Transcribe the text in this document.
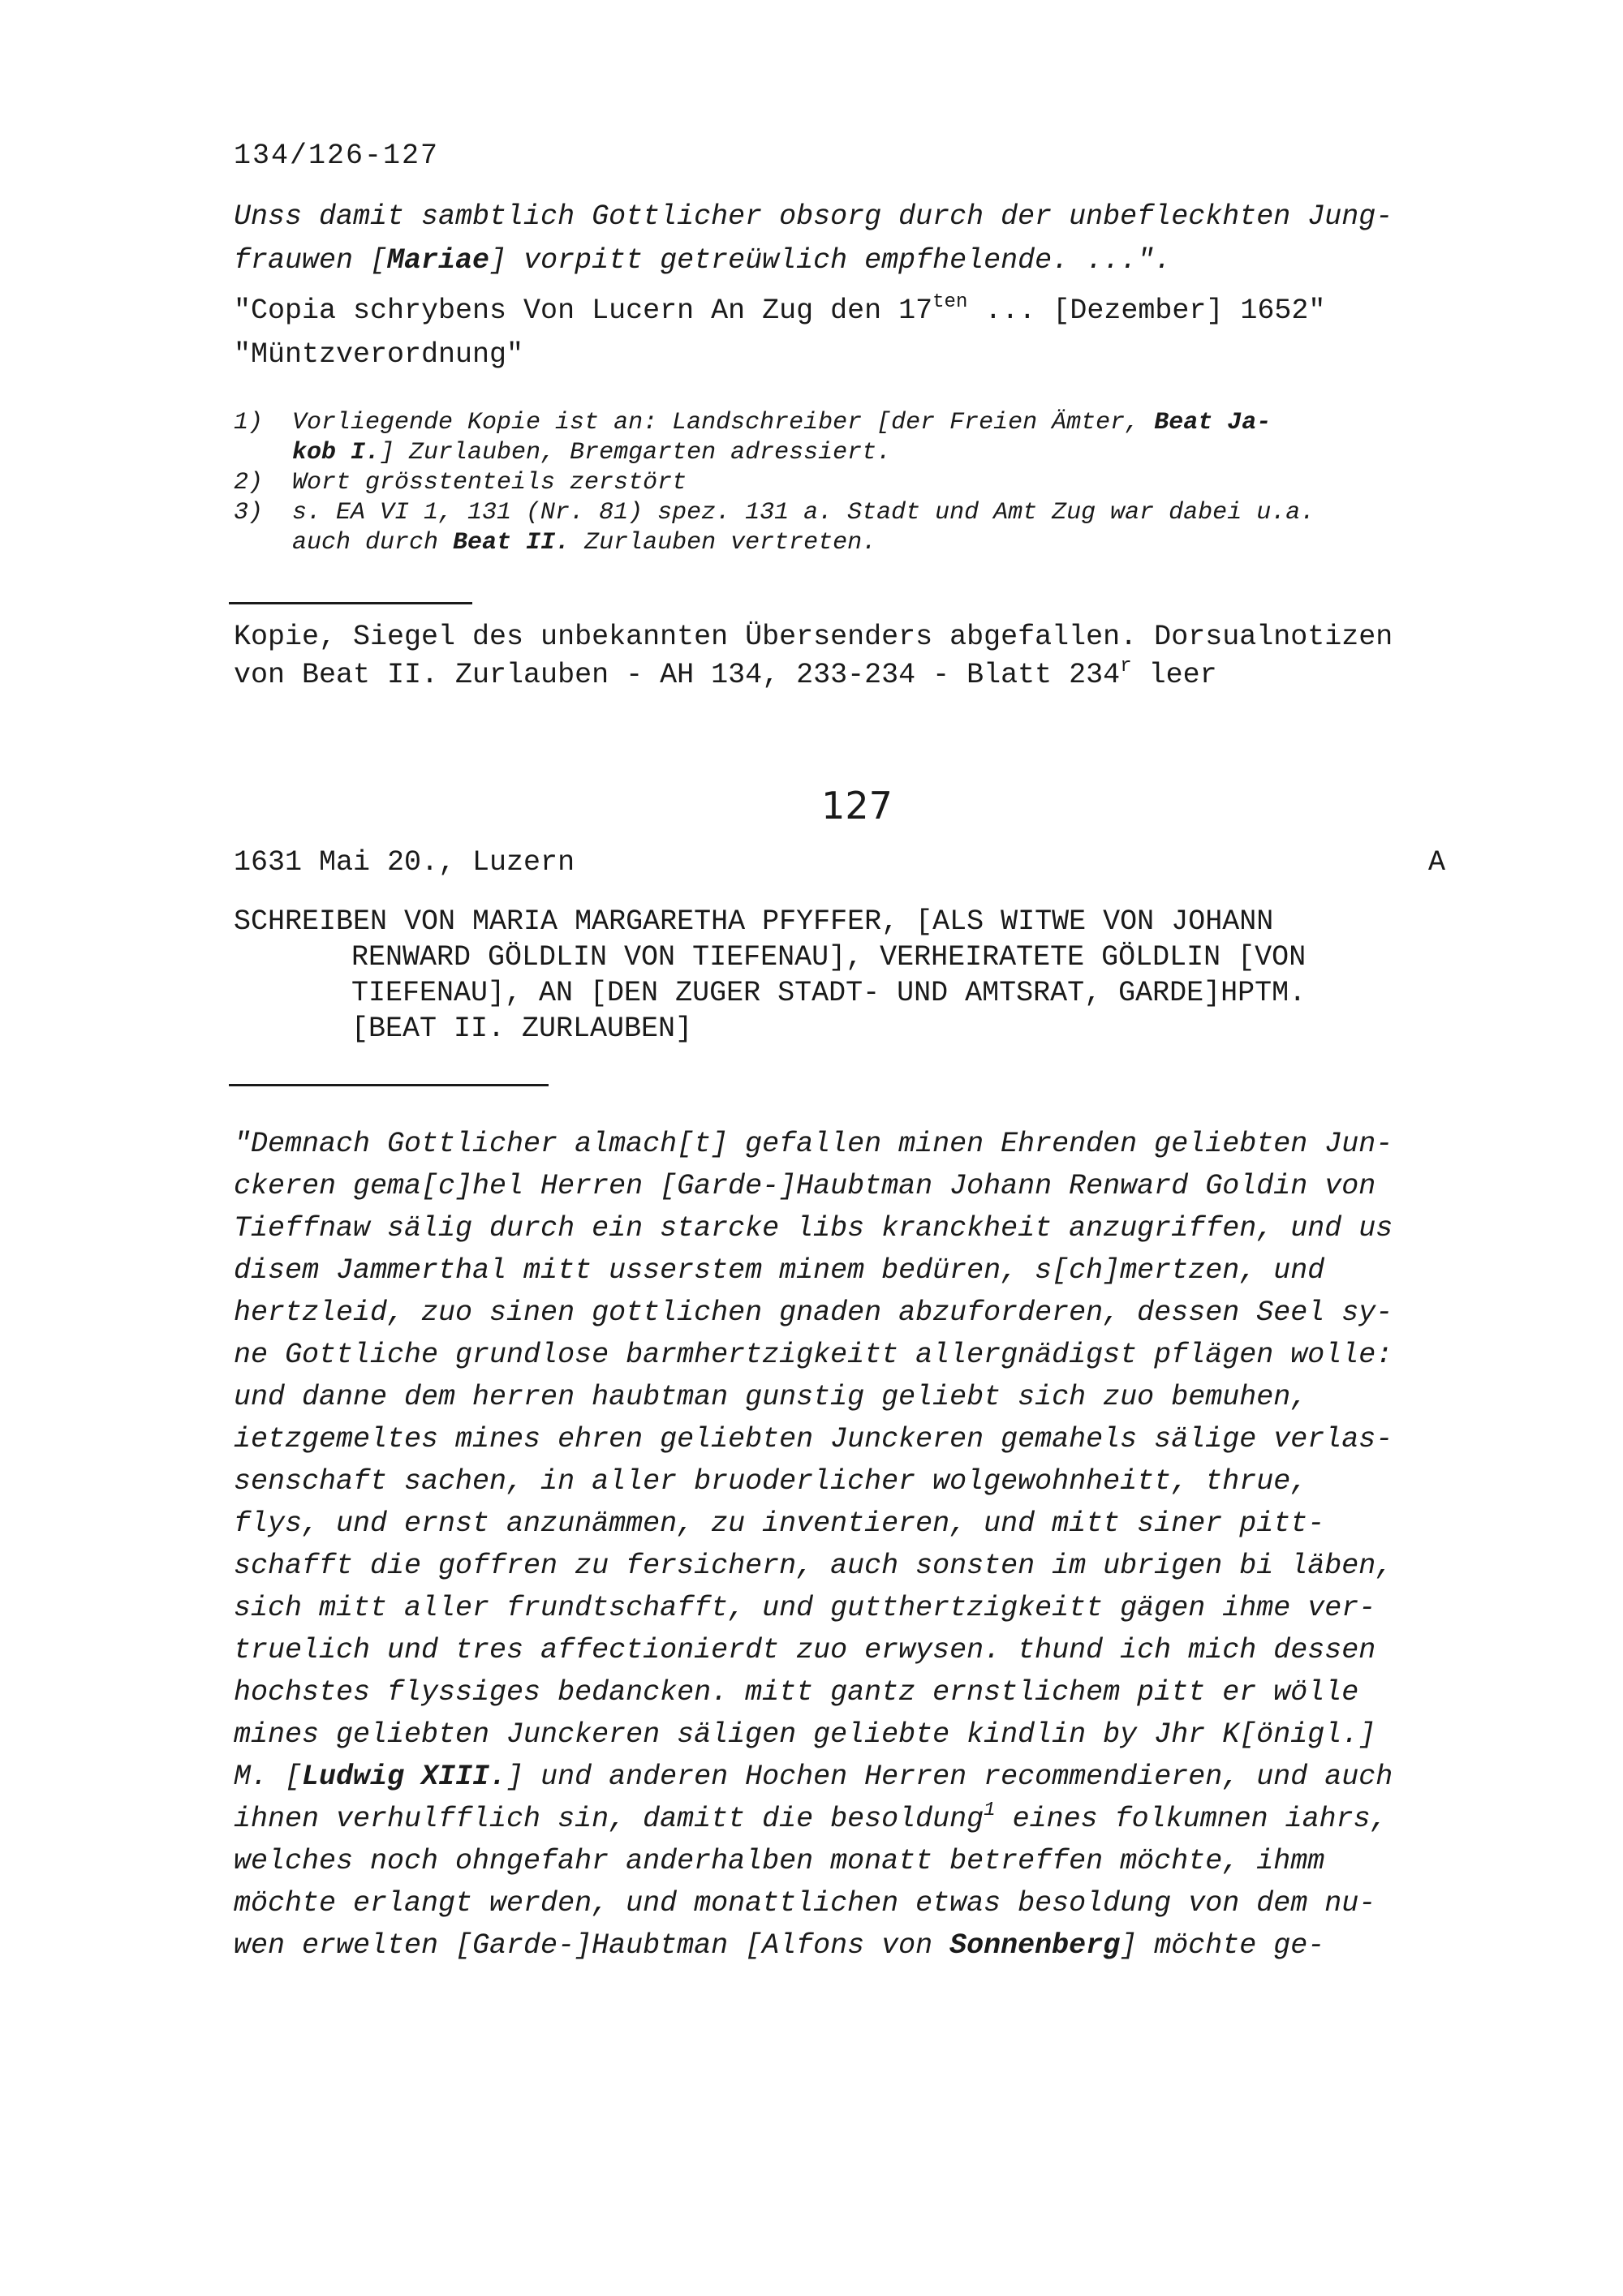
134/126-127
Unss damit sambtlich Gottlicher obsorg durch der unbefleckhten Jung-
frauwen [Mariae] vorpitt getreüwlich empfhelende. ...".
"Copia schrybens Von Lucern An Zug den $17^{ten}$ ... [Dezember] 1652"
"Müntzverordnung"
1) Vorliegende Kopie ist an: Landschreiber [der Freien Ämter, Beat Ja-
kob I.] Zurlauben, Bremgarten adressiert.
2) Wort grösstenteils zerstört
3) s. EA VI 1, 131 (Nr. 81) spez. 131 a. Stadt und Amt Zug war dabei u.a.
auch durch Beat II. Zurlauben vertreten.
Kopie, Siegel des unbekannten Übersenders abgefallen. Dorsualnotizen
von Beat II. Zurlauben - AH 134, 233-234 - Blatt 234$^r$ leer
127
1631 Mai 20., Luzern	A
SCHREIBEN VON MARIA MARGARETHA PFYFFER, [ALS WITWE VON JOHANN
RENWARD GÖLDLIN VON TIEFENAU], VERHEIRATETE GÖLDLIN [VON
TIEFENAU], AN [DEN ZUGER STADT- UND AMTSRAT, GARDE]HPTM.
[BEAT II. ZURLAUBEN]
"Demnach Gottlicher almach[t] gefallen minen Ehrenden geliebten Jun-
ckeren gema[c]hel Herren [Garde-]Haubtman Johann Renward Goldin von
Tieffnaw sälig durch ein starcke libs kranckheit anzugriffen, und us
disem Jammerthal mitt usserstem minem bedüren, s[ch]mertzen, und
hertzleid, zuo sinen gottlichen gnaden abzuforderen, dessen Seel sy-
ne Gottliche grundlose barmhertzigkeitt allergnädigst pflägen wolle:
und danne dem herren haubtman gunstig geliebt sich zuo bemuhen,
ietzgemeltes mines ehren geliebten Junckeren gemahels sälige verlas-
senschaft sachen, in aller bruoderlicher wolgewohnheitt, thrue,
flys, und ernst anzunämmen, zu inventieren, und mitt siner pitt-
schafft die goffren zu fersichern, auch sonsten im ubrigen bi läben,
sich mitt aller frundtschafft, und gutthertzigkeitt gägen ihme ver-
truelich und tres affectionierdt zuo erwysen. thund ich mich dessen
hochstes flyssiges bedancken. mitt gantz ernstlichem pitt er wölle
mines geliebten Junckeren säligen geliebte kindlin by Jhr K[önigl.]
M. [Ludwig XIII.] und anderen Hochen Herren recommendieren, und auch
ihnen verhulfflich sin, damitt die besoldung$^1$ eines folkumnen iahrs,
welches noch ohngefahr anderhalben monatt betreffen möchte, ihmm
möchte erlangt werden, und monattlichen etwas besoldung von dem nu-
wen erwelten [Garde-]Haubtman [Alfons von Sonnenberg] möchte ge-
